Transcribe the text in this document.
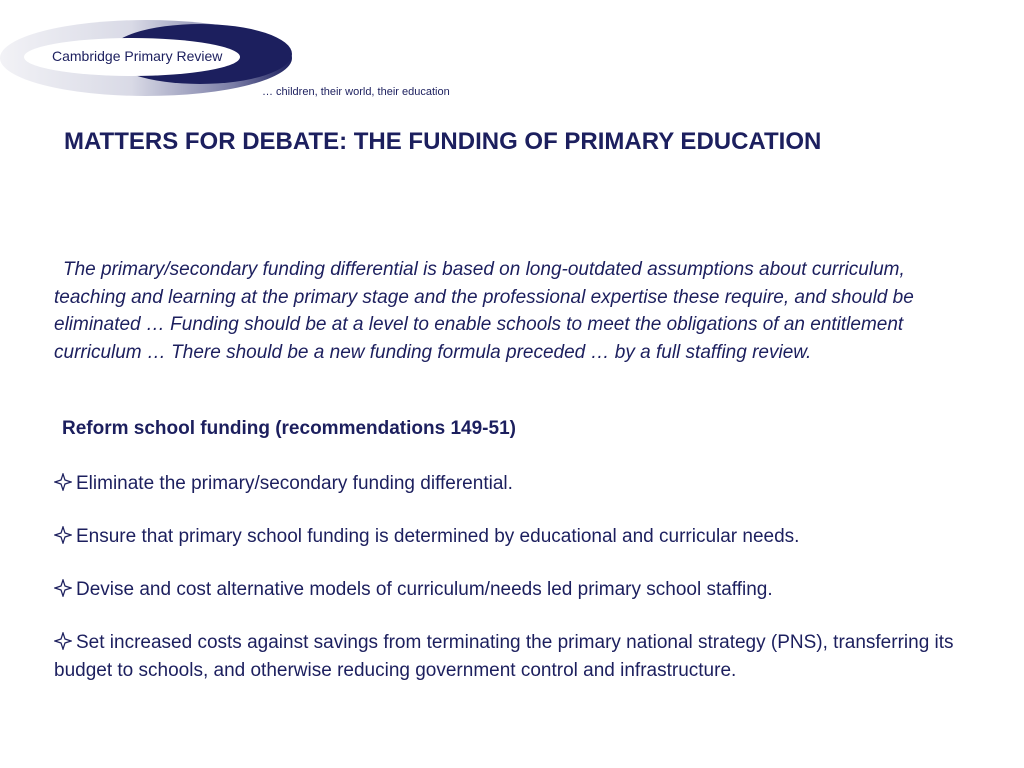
Cambridge Primary Review
… children, their world, their education
MATTERS FOR DEBATE: THE FUNDING OF PRIMARY EDUCATION

The primary/secondary funding differential is based on long-outdated assumptions about curriculum, teaching and learning at the primary stage and the professional expertise these require, and should be eliminated … Funding should be at a level to enable schools to meet the obligations of an entitlement curriculum … There should be a new funding formula preceded … by a full staffing review.

Reform school funding (recommendations 149-51)

Eliminate the primary/secondary funding differential.

Ensure that primary school funding is determined by educational and curricular needs.

Devise and cost alternative models of curriculum/needs led primary school staffing.

Set increased costs against savings from terminating the primary national strategy (PNS), transferring its budget to schools, and otherwise reducing government control and infrastructure.
